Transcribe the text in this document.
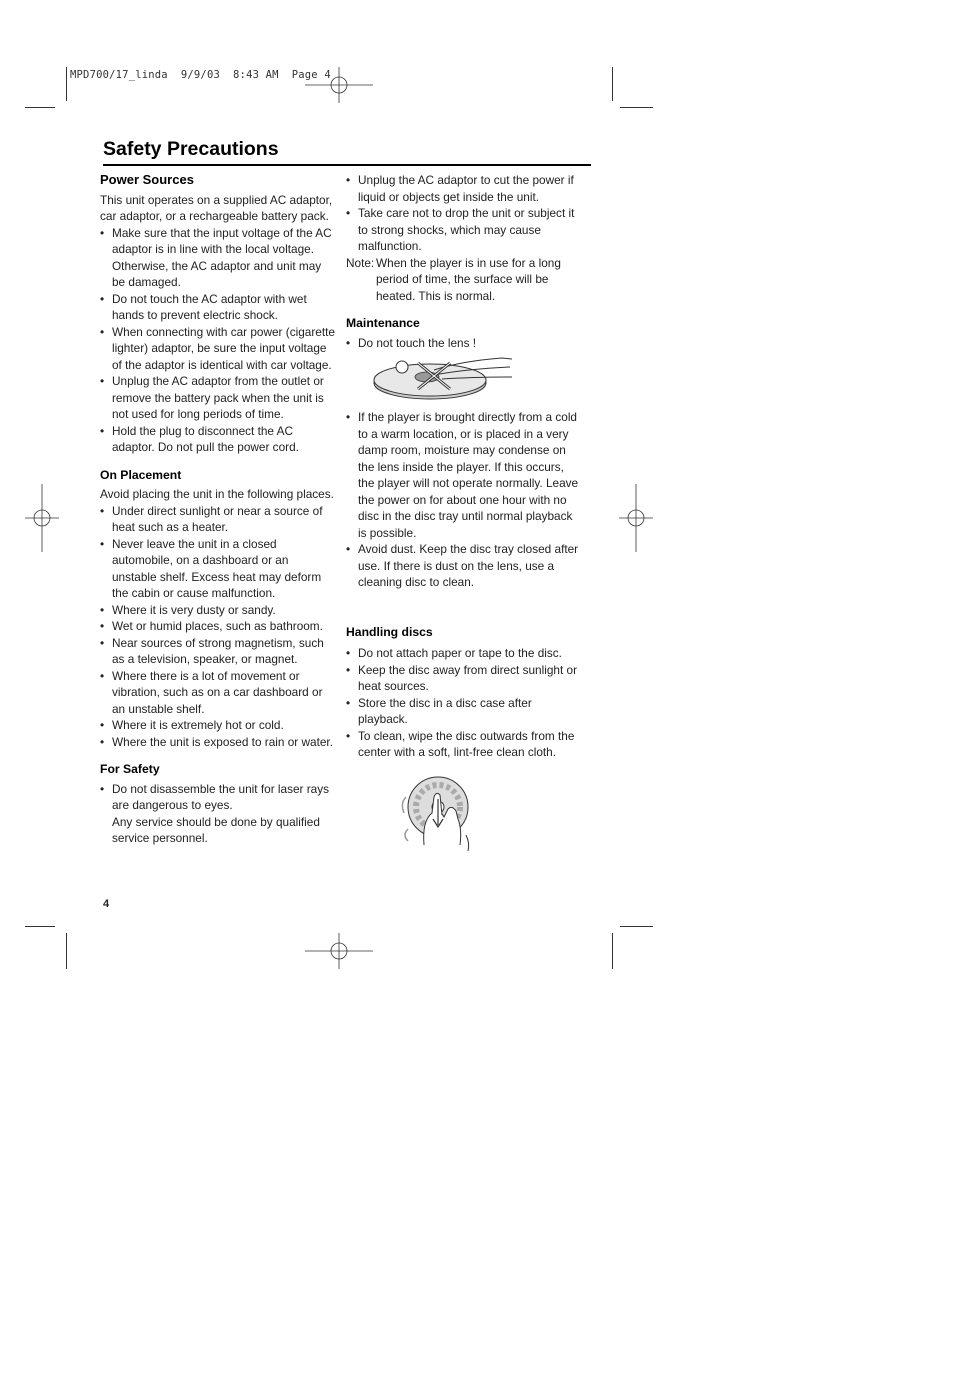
MPD700/17_linda  9/9/03  8:43 AM  Page 4
Safety Precautions
Power Sources

This unit operates on a supplied AC adaptor, car adaptor, or a rechargeable battery pack.

• Make sure that the input voltage of the AC adaptor is in line with the local voltage. Otherwise, the AC adaptor and unit may be damaged.
• Do not touch the AC adaptor with wet hands to prevent electric shock.
• When connecting with car power (cigarette lighter) adaptor, be sure the input voltage of the adaptor is identical with car voltage.
• Unplug the AC adaptor from the outlet or remove the battery pack when the unit is not used for long periods of time.
• Hold the plug to disconnect the AC adaptor. Do not pull the power cord.
On Placement

Avoid placing the unit in the following places.

• Under direct sunlight or near a source of heat such as a heater.
• Never leave the unit in a closed automobile, on a dashboard or an unstable shelf. Excess heat may deform the cabin or cause malfunction.
• Where it is very dusty or sandy.
• Wet or humid places, such as bathroom.
• Near sources of strong magnetism, such as a television, speaker, or magnet.
• Where there is a lot of movement or vibration, such as on a car dashboard or an unstable shelf.
• Where it is extremely hot or cold.
• Where the unit is exposed to rain or water.
For Safety
• Do not disassemble the unit for laser rays are dangerous to eyes.

Any service should be done by qualified service personnel.

• Unplug the AC adaptor to cut the power if liquid or objects get inside the unit.
• Take care not to drop the unit or subject it to strong shocks, which may cause malfunction.
Note: When the player is in use for a long period of time, the surface will be heated. This is normal.
Maintenance
• Do not touch the lens !
• If the player is brought directly from a cold to a warm location, or is placed in a very damp room, moisture may condense on the lens inside the player. If this occurs, the player will not operate normally. Leave the power on for about one hour with no disc in the disc tray until normal playback is possible.
• Avoid dust. Keep the disc tray closed after use. If there is dust on the lens, use a cleaning disc to clean.
Handling discs
• Do not attach paper or tape to the disc.
• Keep the disc away from direct sunlight or heat sources.
• Store the disc in a disc case after playback.
• To clean, wipe the disc outwards from the center with a soft, lint-free clean cloth.
4
